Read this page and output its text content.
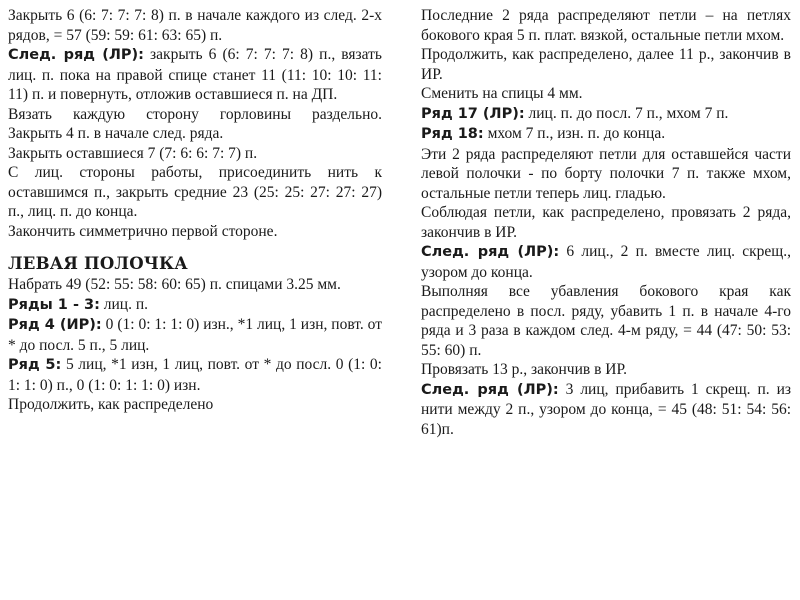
Закрыть 6 (6: 7: 7: 7: 8) п. в начале каждого из след. 2-х рядов, = 57 (59: 59: 61: 63: 65) п.

След. ряд (ЛР): закрыть 6 (6: 7: 7: 7: 8) п., вязать лиц. п. пока на правой спице станет 11 (11: 10: 10: 11: 11) п. и повернуть, отложив оставшиеся п. на ДП.

Вязать каждую сторону горловины раздельно.

Закрыть 4 п. в начале след. ряда.

Закрыть оставшиеся 7 (7: 6: 6: 7: 7) п.

С лиц. стороны работы, присоединить нить к оставшимся п., закрыть средние 23 (25: 25: 27: 27: 27) п., лиц. п. до конца.

Закончить симметрично первой стороне.

ЛЕВАЯ ПОЛОЧКА

Набрать 49 (52: 55: 58: 60: 65) п. спицами 3.25 мм.

Ряды 1 - 3: лиц. п.

Ряд 4 (ИР): 0 (1: 0: 1: 1: 0) изн., *1 лиц, 1 изн, повт. от * до посл. 5 п., 5 лиц.

Ряд 5: 5 лиц, *1 изн, 1 лиц, повт. от * до посл. 0 (1: 0: 1: 1: 0) п., 0 (1: 0: 1: 1: 0) изн.

Продолжить, как распределено

Последние 2 ряда распределяют петли – на петлях бокового края 5 п. плат. вязкой, остальные петли мхом.

Продолжить, как распределено, далее 11 р., закончив в ИР.

Сменить на спицы 4 мм.

Ряд 17 (ЛР): лиц. п. до посл. 7 п., мхом 7 п.

Ряд 18: мхом 7 п., изн. п. до конца.

Эти 2 ряда распределяют петли для оставшейся части левой полочки - по борту полочки 7 п. также мхом, остальные петли теперь лиц. гладью.

Соблюдая петли, как распределено, провязать 2 ряда, закончив в ИР.

След. ряд (ЛР): 6 лиц., 2 п. вместе лиц. скрещ., узором до конца.

Выполняя все убавления бокового края как распределено в посл. ряду, убавить 1 п. в начале 4-го ряда и 3 раза в каждом след. 4-м ряду, = 44 (47: 50: 53: 55: 60) п.

Провязать 13 р., закончив в ИР.

След. ряд (ЛР): 3 лиц, прибавить 1 скрещ. п. из нити между 2 п., узором до конца, = 45 (48: 51: 54: 56: 61)п.
